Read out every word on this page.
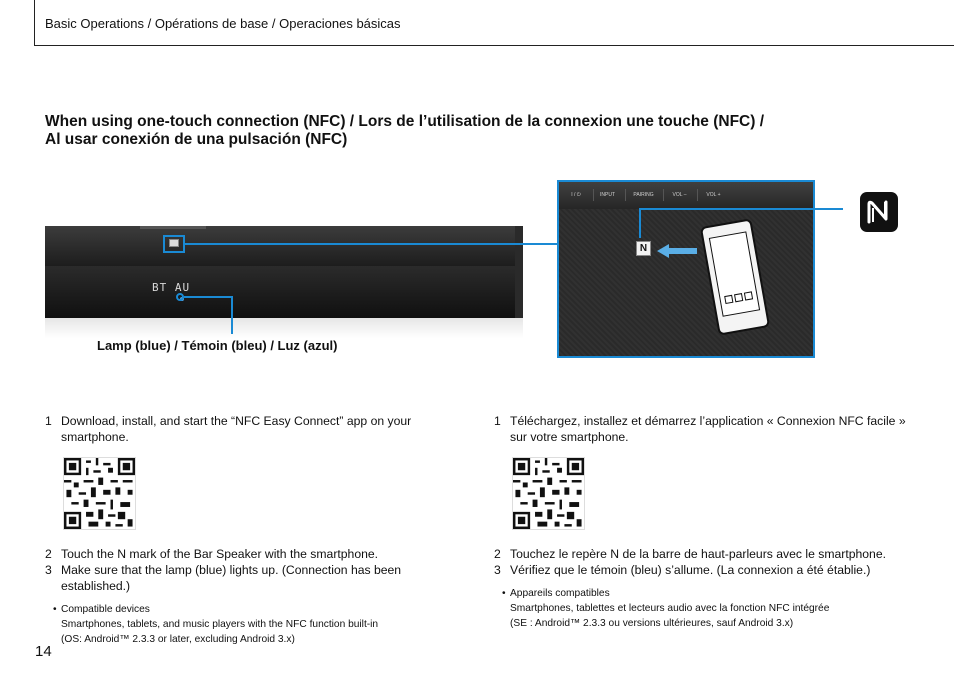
Basic Operations / Opérations de base / Operaciones básicas
When using one-touch connection (NFC) / Lors de l’utilisation de la connexion une touche (NFC) /
Al usar conexión de una pulsación (NFC)
BT AU
Lamp (blue) / Témoin (bleu) / Luz (azul)
I / ⏻	INPUT	PAIRING	VOL –	VOL +
N
1 Download, install, and start the “NFC Easy Connect” app on your smartphone.
2 Touch the N mark of the Bar Speaker with the smartphone.
3 Make sure that the lamp (blue) lights up. (Connection has been established.)
• Compatible devices
Smartphones, tablets, and music players with the NFC function built-in
(OS: Android™ 2.3.3 or later, excluding Android 3.x)
1 Téléchargez, installez et démarrez l’application « Connexion NFC facile » sur votre smartphone.
2 Touchez le repère N de la barre de haut-parleurs avec le smartphone.
3 Vérifiez que le témoin (bleu) s’allume. (La connexion a été établie.)
• Appareils compatibles
Smartphones, tablettes et lecteurs audio avec la fonction NFC intégrée
(SE : Android™ 2.3.3 ou versions ultérieures, sauf Android 3.x)
14
